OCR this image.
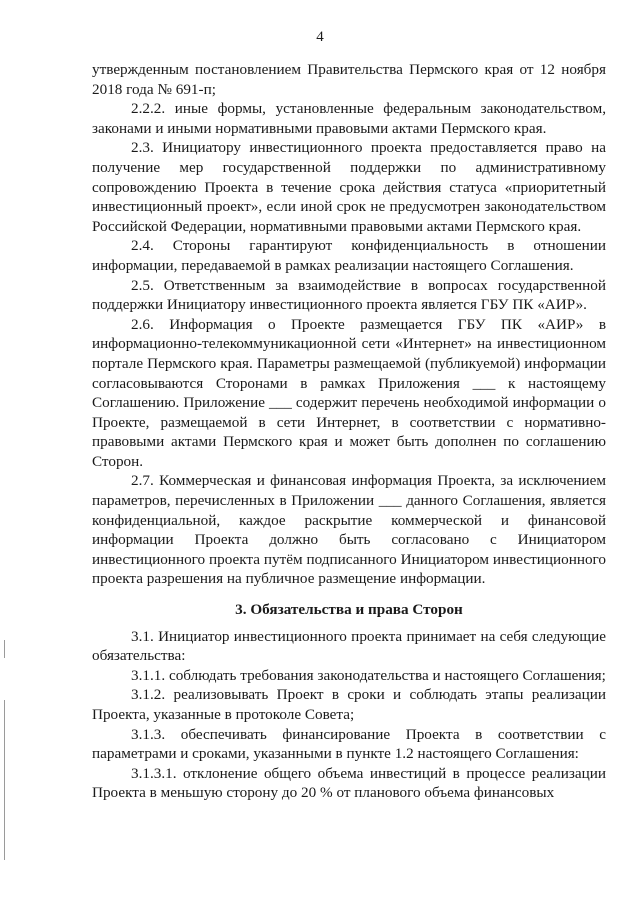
4

утвержденным постановлением Правительства Пермского края от 12 ноября 2018 года № 691-п;

2.2.2. иные формы, установленные федеральным законодательством, законами и иными нормативными правовыми актами Пермского края.

2.3. Инициатору инвестиционного проекта предоставляется право на получение мер государственной поддержки по административному сопровождению Проекта в течение срока действия статуса «приоритетный инвестиционный проект», если иной срок не предусмотрен законодательством Российской Федерации, нормативными правовыми актами Пермского края.

2.4. Стороны гарантируют конфиденциальность в отношении информации, передаваемой в рамках реализации настоящего Соглашения.

2.5. Ответственным за взаимодействие в вопросах государственной поддержки Инициатору инвестиционного проекта является ГБУ ПК «АИР».

2.6. Информация о Проекте размещается ГБУ ПК «АИР» в информационно-телекоммуникационной сети «Интернет» на инвестиционном портале Пермского края. Параметры размещаемой (публикуемой) информации согласовываются Сторонами в рамках Приложения ___ к настоящему Соглашению. Приложение ___ содержит перечень необходимой информации о Проекте, размещаемой в сети Интернет, в соответствии с нормативно-правовыми актами Пермского края и может быть дополнен по соглашению Сторон.

2.7. Коммерческая и финансовая информация Проекта, за исключением параметров, перечисленных в Приложении ___ данного Соглашения, является конфиденциальной, каждое раскрытие коммерческой и финансовой информации Проекта должно быть согласовано с Инициатором инвестиционного проекта путём подписанного Инициатором инвестиционного проекта разрешения на публичное размещение информации.

3. Обязательства и права Сторон

3.1. Инициатор инвестиционного проекта принимает на себя следующие обязательства:

3.1.1. соблюдать требования законодательства и настоящего Соглашения;

3.1.2. реализовывать Проект в сроки и соблюдать этапы реализации Проекта, указанные в протоколе Совета;

3.1.3. обеспечивать финансирование Проекта в соответствии с параметрами и сроками, указанными в пункте 1.2 настоящего Соглашения:

3.1.3.1. отклонение общего объема инвестиций в процессе реализации Проекта в меньшую сторону до 20 % от планового объема финансовых
